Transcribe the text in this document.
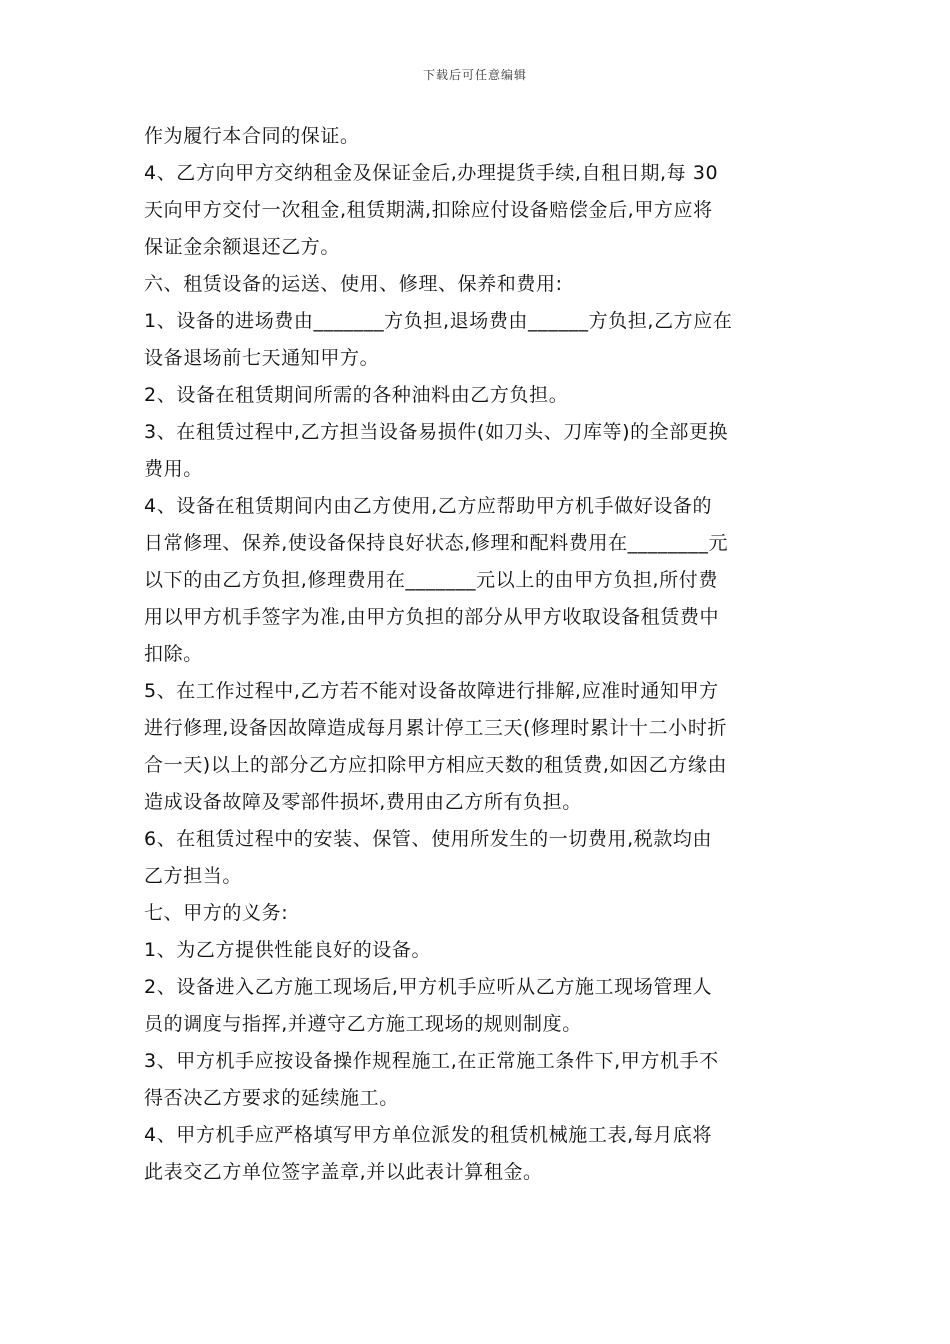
下载后可任意编辑
作为履行本合同的保证。
4、乙方向甲方交纳租金及保证金后,办理提货手续,自租日期,每 30
天向甲方交付一次租金,租赁期满,扣除应付设备赔偿金后,甲方应将
保证金余额退还乙方。
六、租赁设备的运送、使用、修理、保养和费用:
1、设备的进场费由_______方负担,退场费由______方负担,乙方应在
设备退场前七天通知甲方。
2、设备在租赁期间所需的各种油料由乙方负担。
3、在租赁过程中,乙方担当设备易损件(如刀头、刀库等)的全部更换
费用。
4、设备在租赁期间内由乙方使用,乙方应帮助甲方机手做好设备的
日常修理、保养,使设备保持良好状态,修理和配料费用在________元
以下的由乙方负担,修理费用在_______元以上的由甲方负担,所付费
用以甲方机手签字为准,由甲方负担的部分从甲方收取设备租赁费中
扣除。
5、在工作过程中,乙方若不能对设备故障进行排解,应准时通知甲方
进行修理,设备因故障造成每月累计停工三天(修理时累计十二小时折
合一天)以上的部分乙方应扣除甲方相应天数的租赁费,如因乙方缘由
造成设备故障及零部件损坏,费用由乙方所有负担。
6、在租赁过程中的安装、保管、使用所发生的一切费用,税款均由
乙方担当。
七、甲方的义务:
1、为乙方提供性能良好的设备。
2、设备进入乙方施工现场后,甲方机手应听从乙方施工现场管理人
员的调度与指挥,并遵守乙方施工现场的规则制度。
3、甲方机手应按设备操作规程施工,在正常施工条件下,甲方机手不
得否决乙方要求的延续施工。
4、甲方机手应严格填写甲方单位派发的租赁机械施工表,每月底将
此表交乙方单位签字盖章,并以此表计算租金。
